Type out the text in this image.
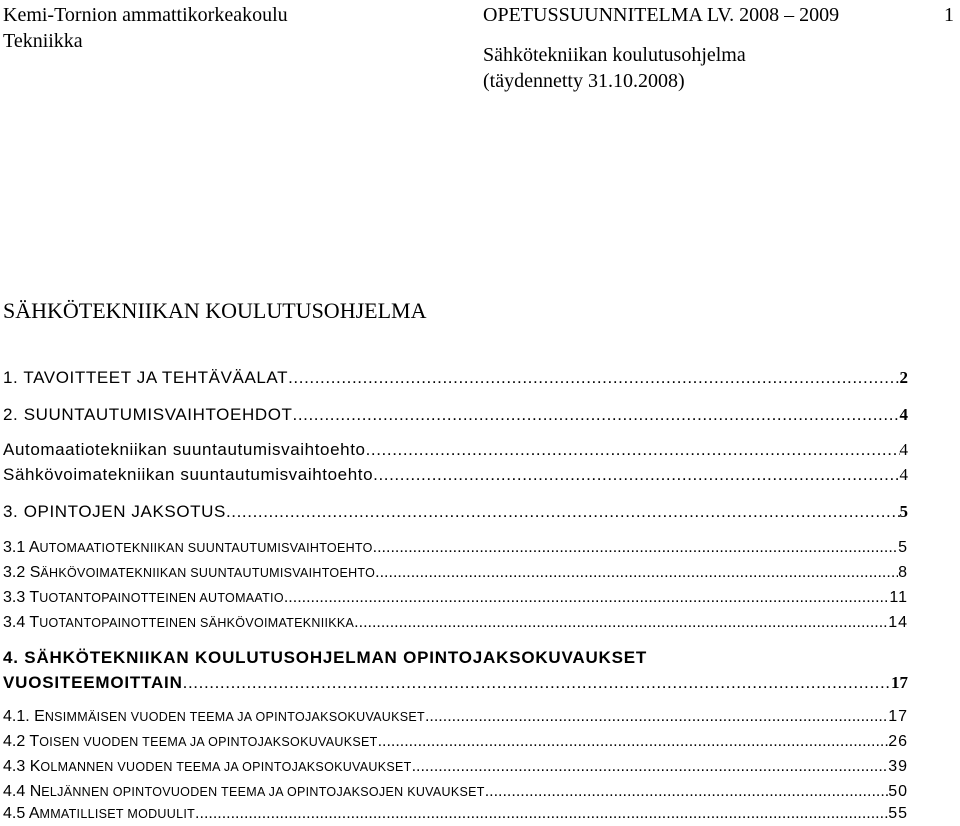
Kemi-Tornion ammattikorkeakoulu
Tekniikka
OPETUSSUUNNITELMA LV. 2008 – 2009	1
Sähkötekniikan koulutusohjelma
(täydennetty 31.10.2008)
SÄHKÖTEKNIIKAN KOULUTUSOHJELMA
1. TAVOITTEET JA TEHTÄVÄALAT .....	2
2. SUUNTAUTUMISVAIHTOEHDOT .....	4
Automaatiotekniikan suuntautumisvaihtoehto .....	4
Sähkövoimatekniikan suuntautumisvaihtoehto .....	4
3. OPINTOJEN JAKSOTUS .....	5
3.1 AUTOMAATIOTEKNIIKAN SUUNTAUTUMISVAIHTOEHTO .....	5
3.2 SÄHKÖVOIMATEKNIIKAN SUUNTAUTUMISVAIHTOEHTO .....	8
3.3 TUOTANTOPAINOTTEINEN AUTOMAATIO .....	11
3.4 TUOTANTOPAINOTTEINEN SÄHKÖVOIMATEKNIIKKA .....	14
4. SÄHKÖTEKNIIKAN KOULUTUSOHJELMAN OPINTOJAKSOKUVAUKSET
VUOSITEEMOITTAIN .....	17
4.1. ENSIMMÄISEN VUODEN TEEMA JA OPINTOJAKSOKUVAUKSET .....	17
4.2 TOISEN VUODEN TEEMA JA OPINTOJAKSOKUVAUKSET .....	26
4.3 KOLMANNEN VUODEN TEEMA JA OPINTOJAKSOKUVAUKSET .....	39
4.4 NELJÄNNEN OPINTOVUODEN TEEMA JA OPINTOJAKSOJEN KUVAUKSET .....	50
4.5 AMMATILLISET MODUULIT .....	55
